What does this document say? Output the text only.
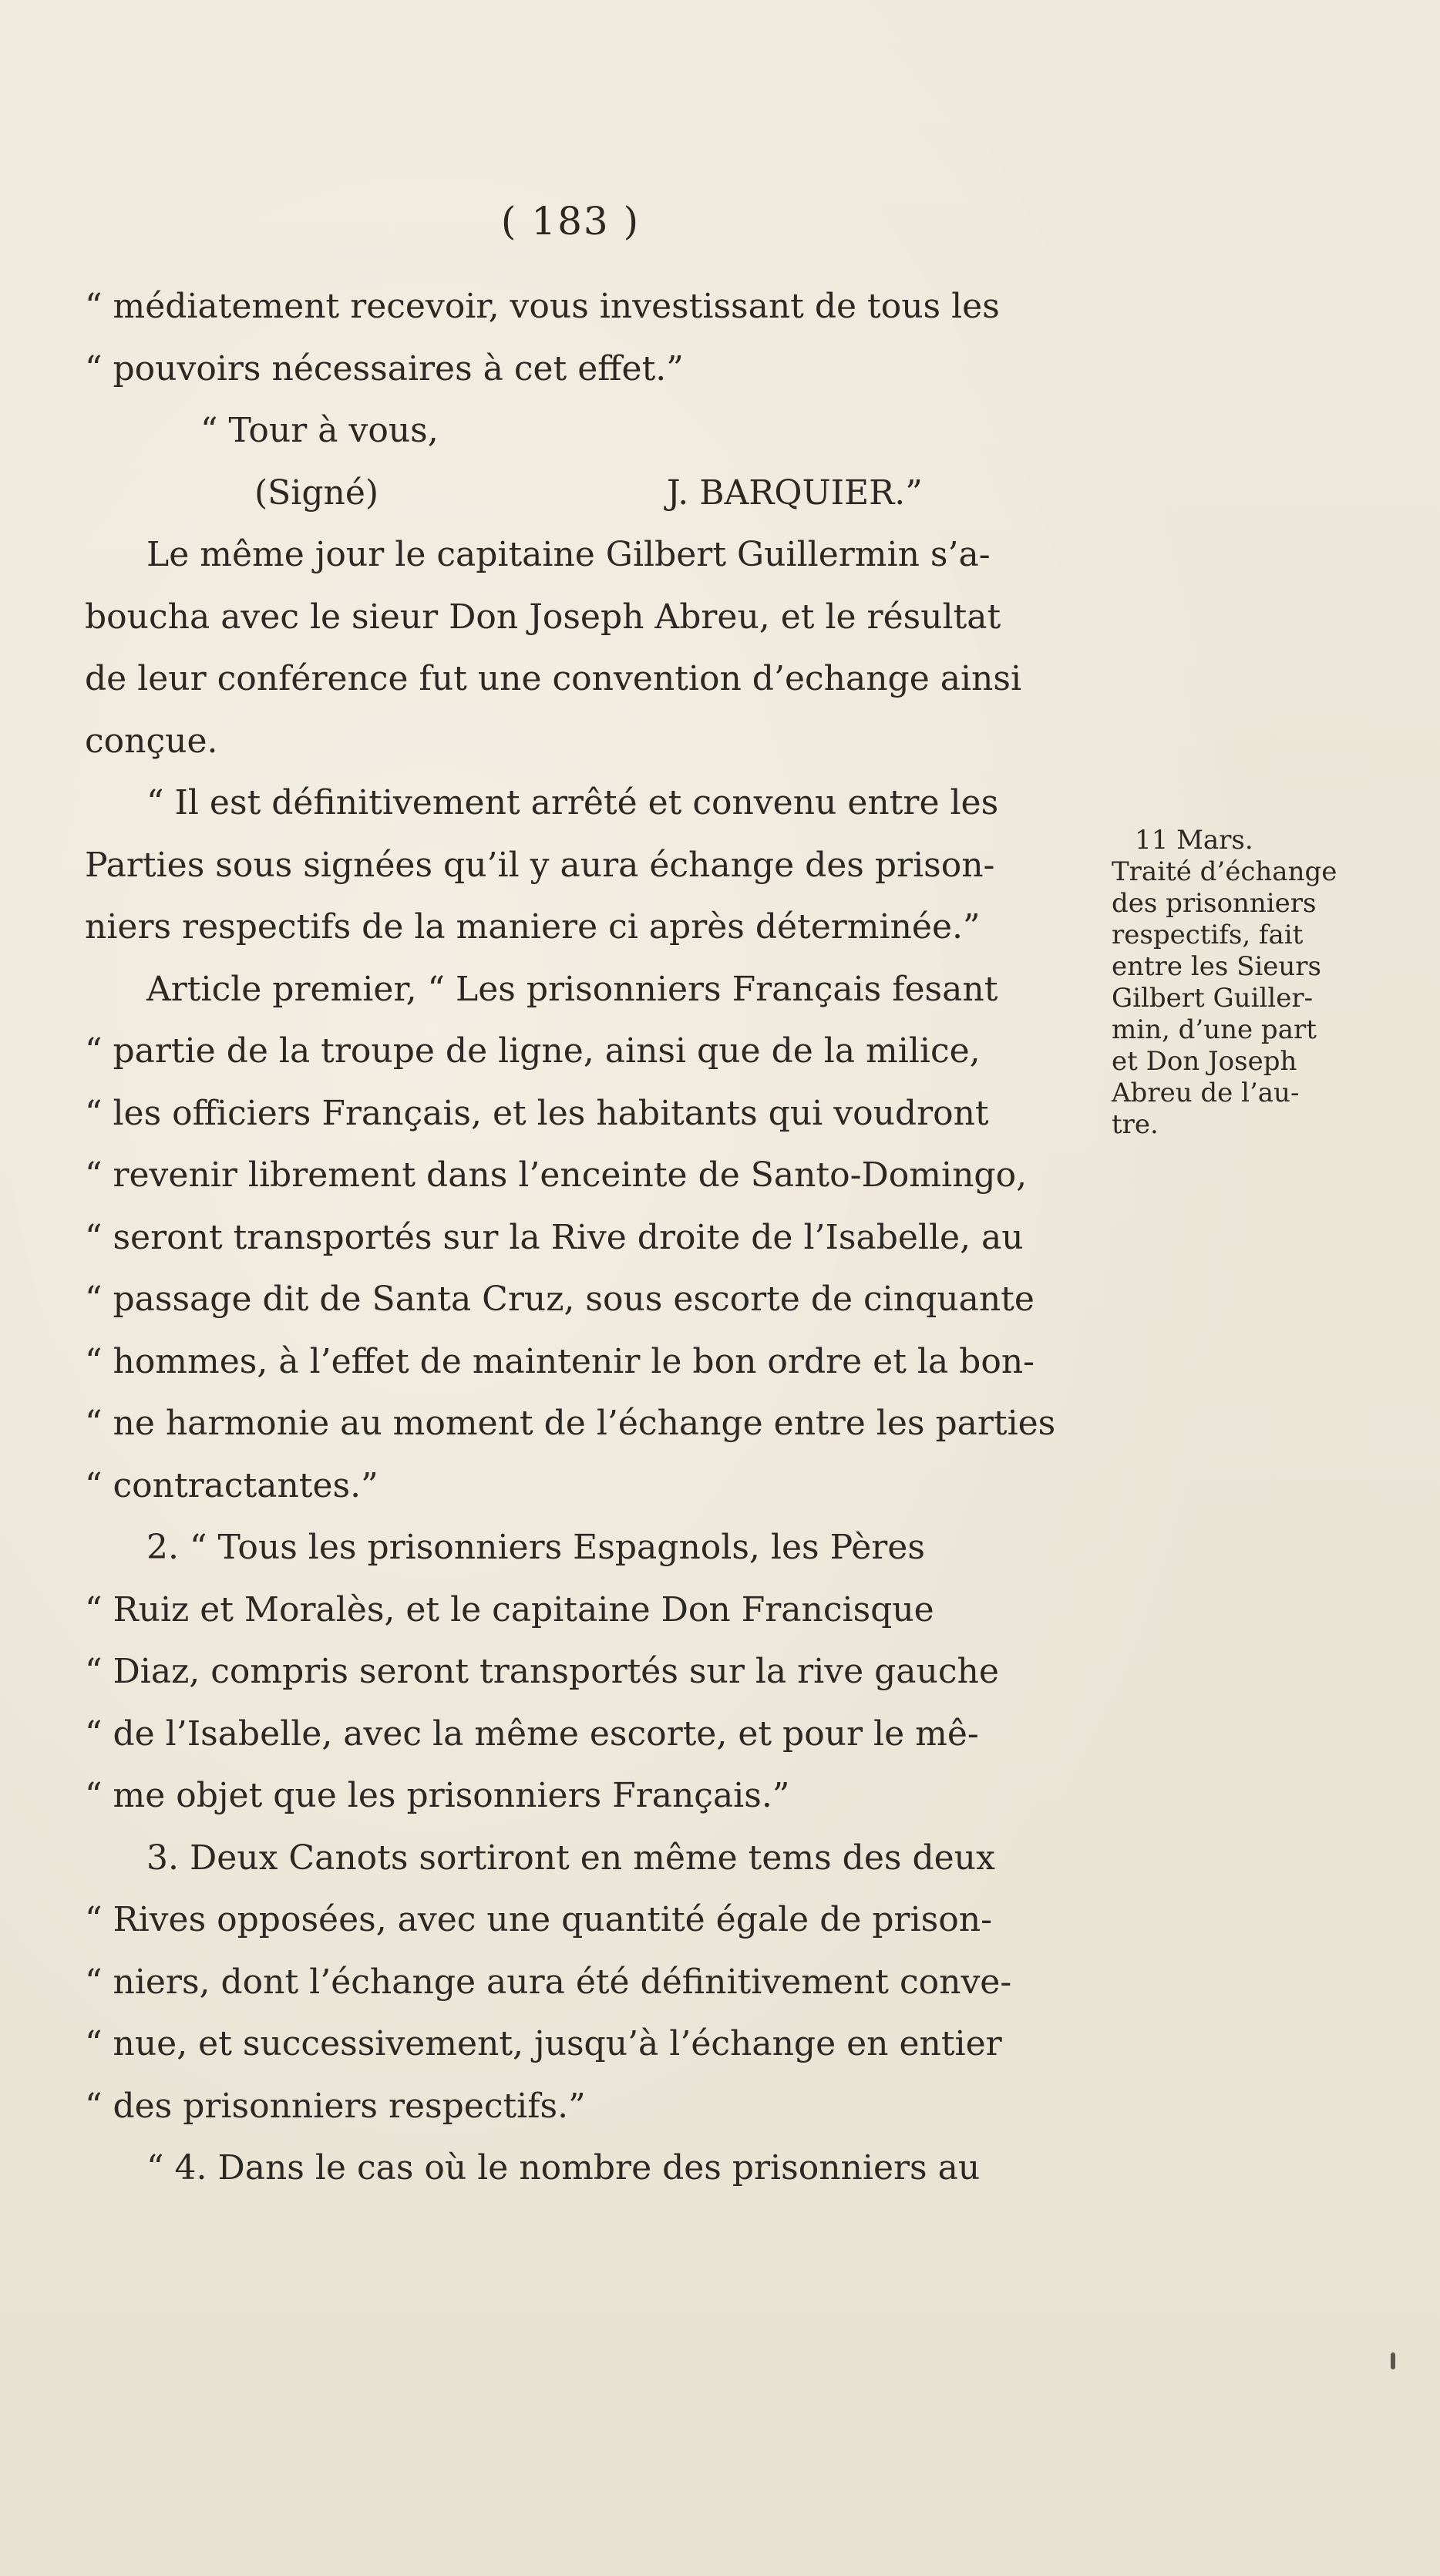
( 183 )
“ médiatement recevoir, vous investissant de tous les
“ pouvoirs nécessaires à cet effet.”
“ Tour à vous,
(Signé)	J. BARQUIER.”
Le même jour le capitaine Gilbert Guillermin s’a-
boucha avec le sieur Don Joseph Abreu, et le résultat
de leur conférence fut une convention d’echange ainsi
conçue.
“ Il est définitivement arrêté et convenu entre les
Parties sous signées qu’il y aura échange des prison-
niers respectifs de la maniere ci après déterminée.”
Article premier, “ Les prisonniers Français fesant
“ partie de la troupe de ligne, ainsi que de la milice,
“ les officiers Français, et les habitants qui voudront
“ revenir librement dans l’enceinte de Santo-Domingo,
“ seront transportés sur la Rive droite de l’Isabelle, au
“ passage dit de Santa Cruz, sous escorte de cinquante
“ hommes, à l’effet de maintenir le bon ordre et la bon-
“ ne harmonie au moment de l’échange entre les parties
“ contractantes.”
2. “ Tous les prisonniers Espagnols, les Pères
“ Ruiz et Moralès, et le capitaine Don Francisque
“ Diaz, compris seront transportés sur la rive gauche
“ de l’Isabelle, avec la même escorte, et pour le mê-
“ me objet que les prisonniers Français.”
3. Deux Canots sortiront en même tems des deux
“ Rives opposées, avec une quantité égale de prison-
“ niers, dont l’échange aura été définitivement conve-
“ nue, et successivement, jusqu’à l’échange en entier
“ des prisonniers respectifs.”
“ 4. Dans le cas où le nombre des prisonniers au
11 Mars.
Traité d’échange
des prisonniers
respectifs, fait
entre les Sieurs
Gilbert Guiller-
min, d’une part
et Don Joseph
Abreu de l’au-
tre.
